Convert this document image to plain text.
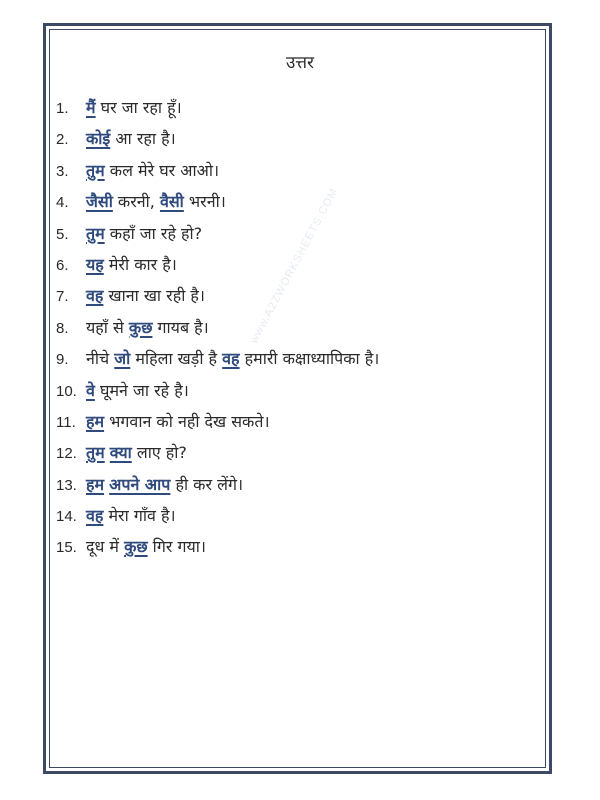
www.A2ZWORKSHEETS.COM
उत्तर
1. मैं घर जा रहा हूँ।
2. कोई आ रहा है।
3. तुम कल मेरे घर आओ।
4. जैसी करनी, वैसी भरनी।
5. तुम कहाँ जा रहे हो?
6. यह मेरी कार है।
7. वह खाना खा रही है।
8. यहाँ से कुछ गायब है।
9. नीचे जो महिला खड़ी है वह हमारी कक्षाध्यापिका है।
10. वे घूमने जा रहे है।
11. हम भगवान को नही देख सकते।
12. तुम क्या लाए हो?
13. हम अपने आप ही कर लेंगे।
14. वह मेरा गाँव है।
15. दूध में कुछ गिर गया।
